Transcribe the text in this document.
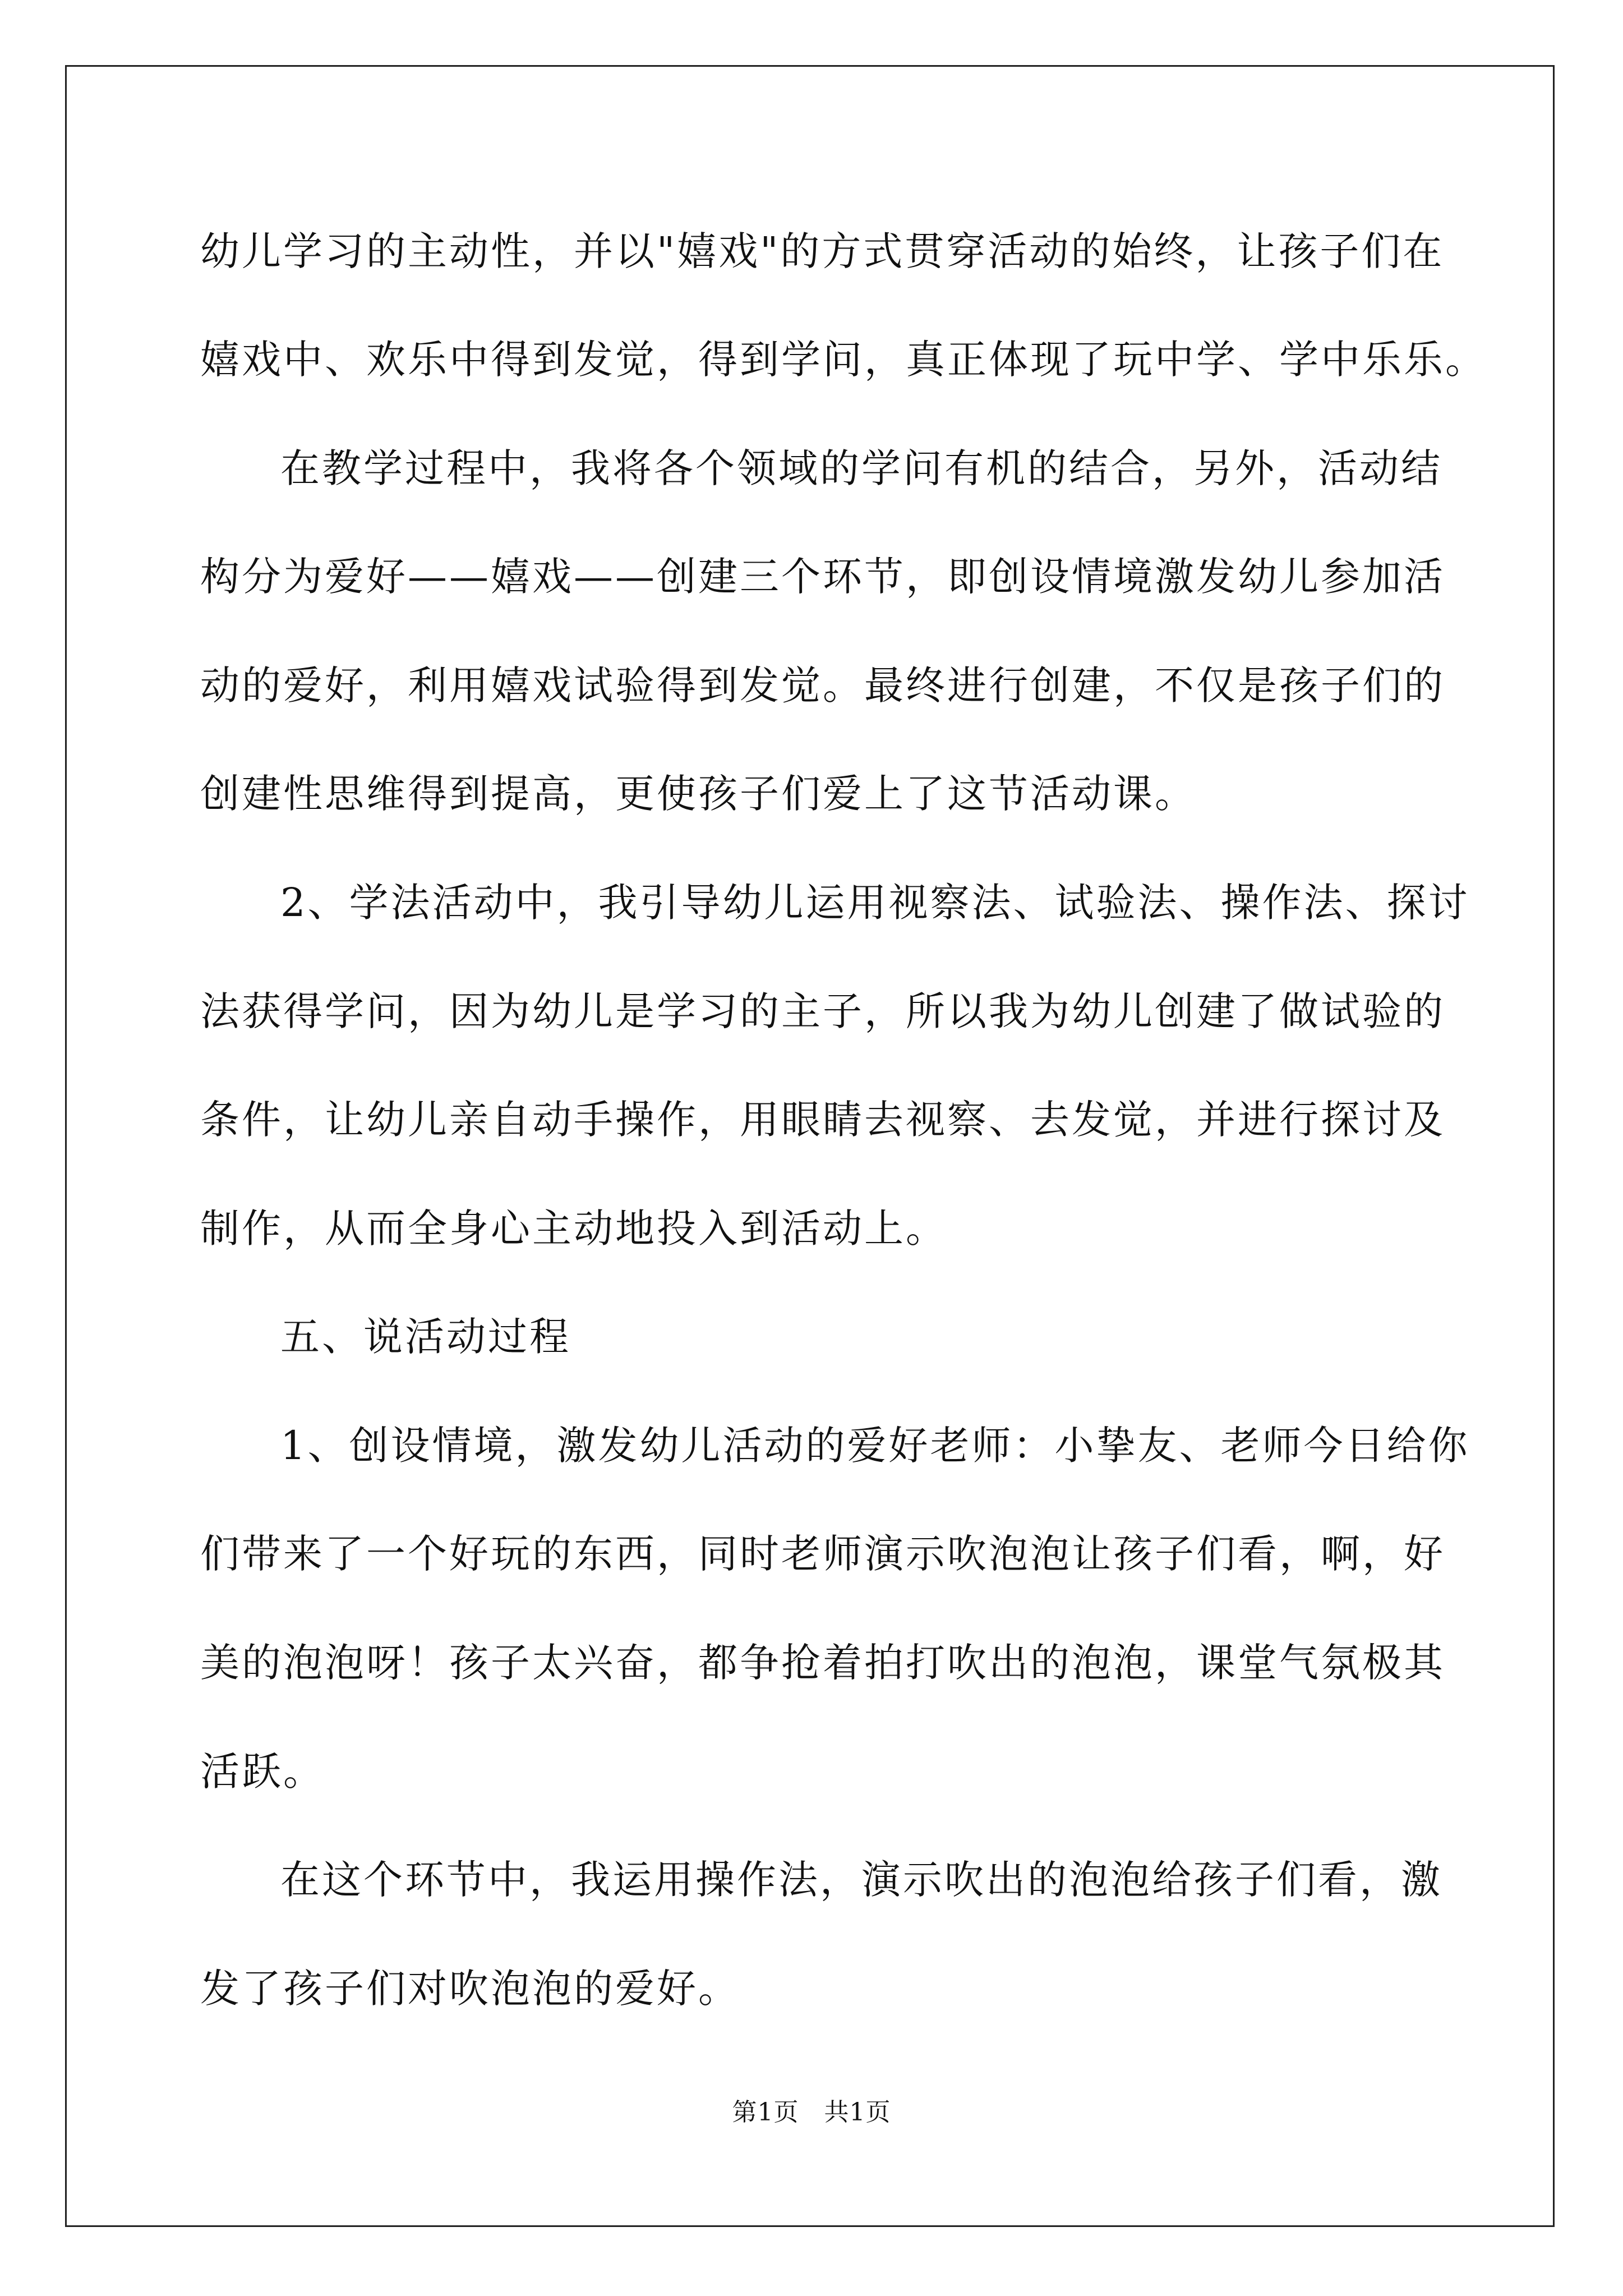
幼儿学习的主动性，并以"嬉戏"的方式贯穿活动的始终，让孩子们在
嬉戏中、欢乐中得到发觉，得到学问，真正体现了玩中学、学中乐乐。
在教学过程中，我将各个领域的学问有机的结合，另外，活动结
构分为爱好——嬉戏——创建三个环节，即创设情境激发幼儿参加活
动的爱好，利用嬉戏试验得到发觉。最终进行创建，不仅是孩子们的
创建性思维得到提高，更使孩子们爱上了这节活动课。
2、学法活动中，我引导幼儿运用视察法、试验法、操作法、探讨
法获得学问，因为幼儿是学习的主子，所以我为幼儿创建了做试验的
条件，让幼儿亲自动手操作，用眼睛去视察、去发觉，并进行探讨及
制作，从而全身心主动地投入到活动上。
五、说活动过程
1、创设情境，激发幼儿活动的爱好老师：小挚友、老师今日给你
们带来了一个好玩的东西，同时老师演示吹泡泡让孩子们看，啊，好
美的泡泡呀！孩子太兴奋，都争抢着拍打吹出的泡泡，课堂气氛极其
活跃。
在这个环节中，我运用操作法，演示吹出的泡泡给孩子们看，激
发了孩子们对吹泡泡的爱好。
第1页　共1页
